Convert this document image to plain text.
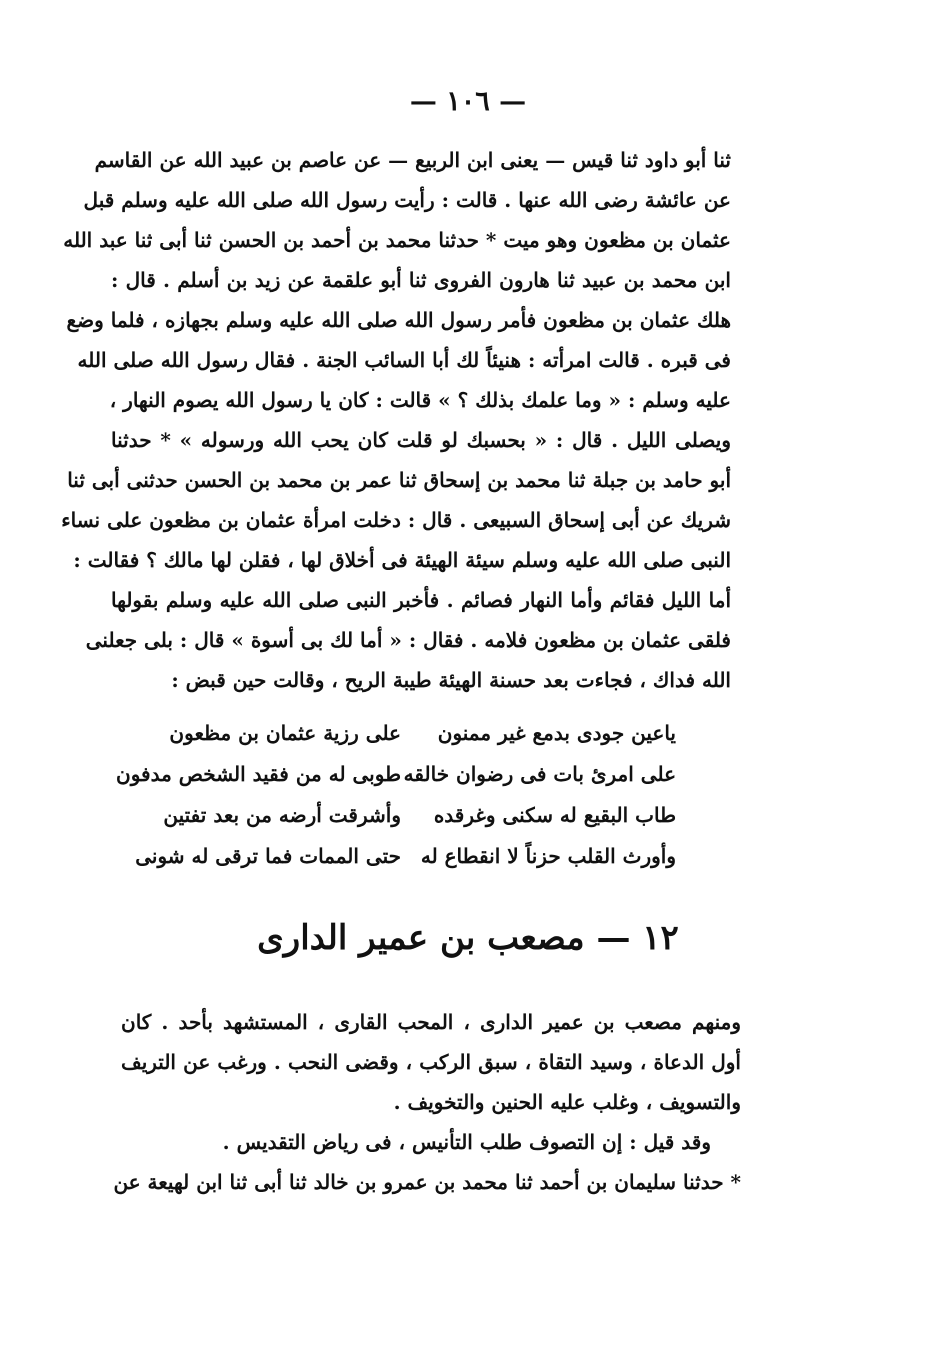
— ١٠٦ —
ثنا أبو داود ثنا قيس — يعنى ابن الربيع — عن عاصم بن عبيد الله عن القاسم
عن عائشة رضى الله عنها . قالت : رأيت رسول الله صلى الله عليه وسلم قبل
عثمان بن مظعون وهو ميت * حدثنا محمد بن أحمد بن الحسن ثنا أبى ثنا عبد الله
ابن محمد بن عبيد ثنا هارون الفروى ثنا أبو علقمة عن زيد بن أسلم . قال :
هلك عثمان بن مظعون فأمر رسول الله صلى الله عليه وسلم بجهازه ، فلما وضع
فى قبره . قالت امرأته : هنيئاً لك أبا السائب الجنة . فقال رسول الله صلى الله
عليه وسلم : « وما علمك بذلك ؟ » قالت : كان يا رسول الله يصوم النهار ،
ويصلى الليل . قال : « بحسبك لو قلت كان يحب الله ورسوله » * حدثنا
أبو حامد بن جبلة ثنا محمد بن إسحاق ثنا عمر بن محمد بن الحسن حدثنى أبى ثنا
شريك عن أبى إسحاق السبيعى . قال : دخلت امرأة عثمان بن مظعون على نساء
النبى صلى الله عليه وسلم سيئة الهيئة فى أخلاق لها ، فقلن لها مالك ؟ فقالت :
أما الليل فقائم وأما النهار فصائم . فأخبر النبى صلى الله عليه وسلم بقولها
فلقى عثمان بن مظعون فلامه . فقال : « أما لك بى أسوة » قال : بلى جعلنى
الله فداك ، فجاءت بعد حسنة الهيئة طيبة الريح ، وقالت حين قبض :
ياعين جودى بدمع غير ممنون
على رزية عثمان بن مظعون
على امرئ بات فى رضوان خالقه
طوبى له من فقيد الشخص مدفون
طاب البقيع له سكنى وغرقده
وأشرقت أرضه من بعد تفتين
وأورث القلب حزناً لا انقطاع له
حتى الممات فما ترقى له شونى
١٢ — مصعب بن عمير الدارى
ومنهم مصعب بن عمير الدارى ، المحب القارى ، المستشهد بأحد . كان
أول الدعاة ، وسيد التقاة ، سبق الركب ، وقضى النحب . ورغب عن التريف
والتسويف ، وغلب عليه الحنين والتخويف .
وقد قيل : إن التصوف طلب التأنيس ، فى رياض التقديس .
* حدثنا سليمان بن أحمد ثنا محمد بن عمرو بن خالد ثنا أبى ثنا ابن لهيعة عن
